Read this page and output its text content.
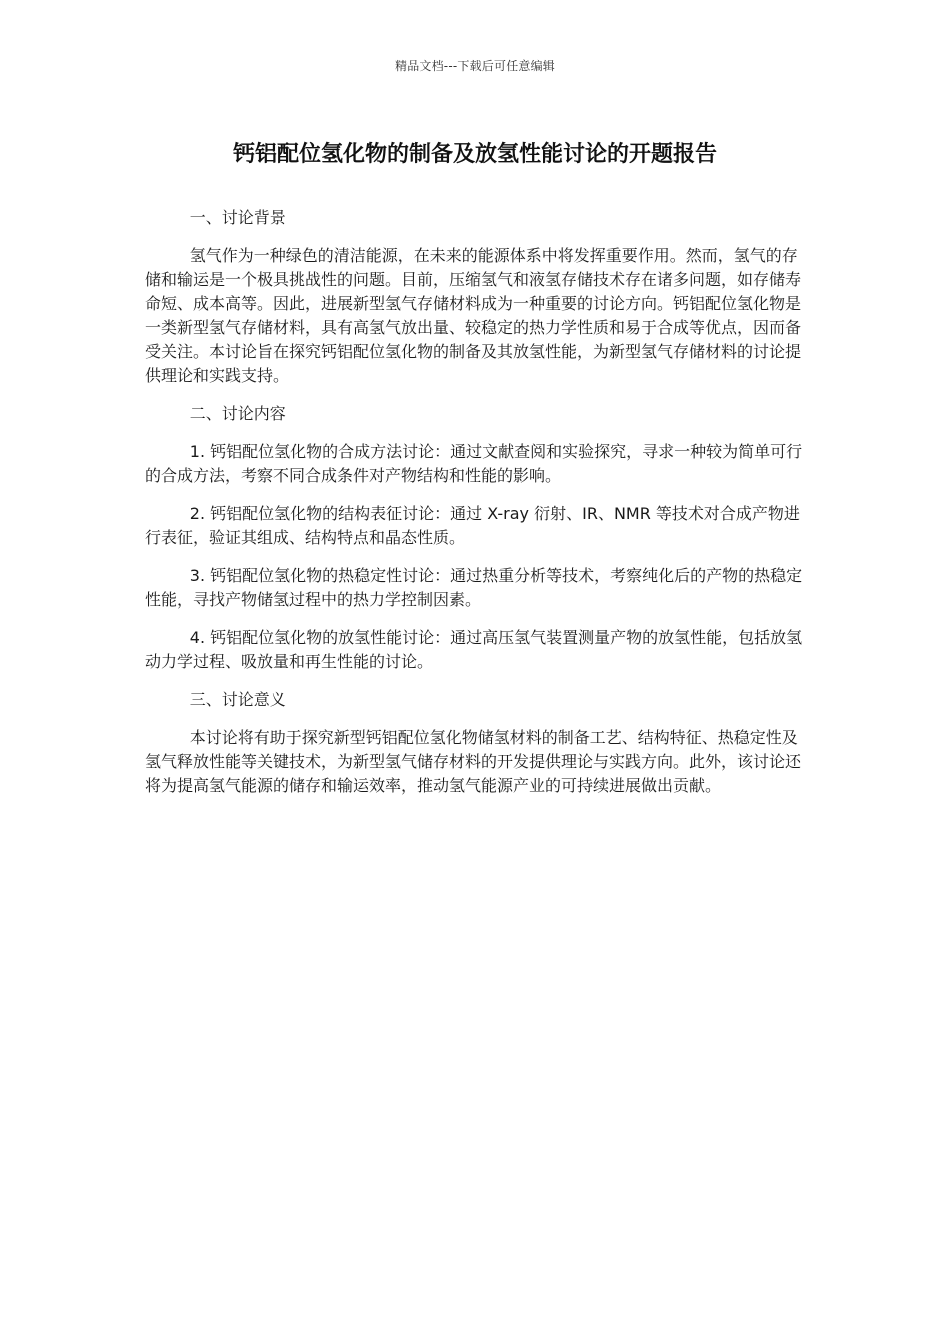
精品文档---下载后可任意编辑
钙铝配位氢化物的制备及放氢性能讨论的开题报告

一、讨论背景

氢气作为一种绿色的清洁能源，在未来的能源体系中将发挥重要作用。然而，氢气的存储和输运是一个极具挑战性的问题。目前，压缩氢气和液氢存储技术存在诸多问题，如存储寿命短、成本高等。因此，进展新型氢气存储材料成为一种重要的讨论方向。钙铝配位氢化物是一类新型氢气存储材料，具有高氢气放出量、较稳定的热力学性质和易于合成等优点，因而备受关注。本讨论旨在探究钙铝配位氢化物的制备及其放氢性能，为新型氢气存储材料的讨论提供理论和实践支持。

二、讨论内容

1. 钙铝配位氢化物的合成方法讨论：通过文献查阅和实验探究，寻求一种较为简单可行的合成方法，考察不同合成条件对产物结构和性能的影响。

2. 钙铝配位氢化物的结构表征讨论：通过 X-ray 衍射、IR、NMR 等技术对合成产物进行表征，验证其组成、结构特点和晶态性质。

3. 钙铝配位氢化物的热稳定性讨论：通过热重分析等技术，考察纯化后的产物的热稳定性能，寻找产物储氢过程中的热力学控制因素。

4. 钙铝配位氢化物的放氢性能讨论：通过高压氢气装置测量产物的放氢性能，包括放氢动力学过程、吸放量和再生性能的讨论。

三、讨论意义

本讨论将有助于探究新型钙铝配位氢化物储氢材料的制备工艺、结构特征、热稳定性及氢气释放性能等关键技术，为新型氢气储存材料的开发提供理论与实践方向。此外，该讨论还将为提高氢气能源的储存和输运效率，推动氢气能源产业的可持续进展做出贡献。
